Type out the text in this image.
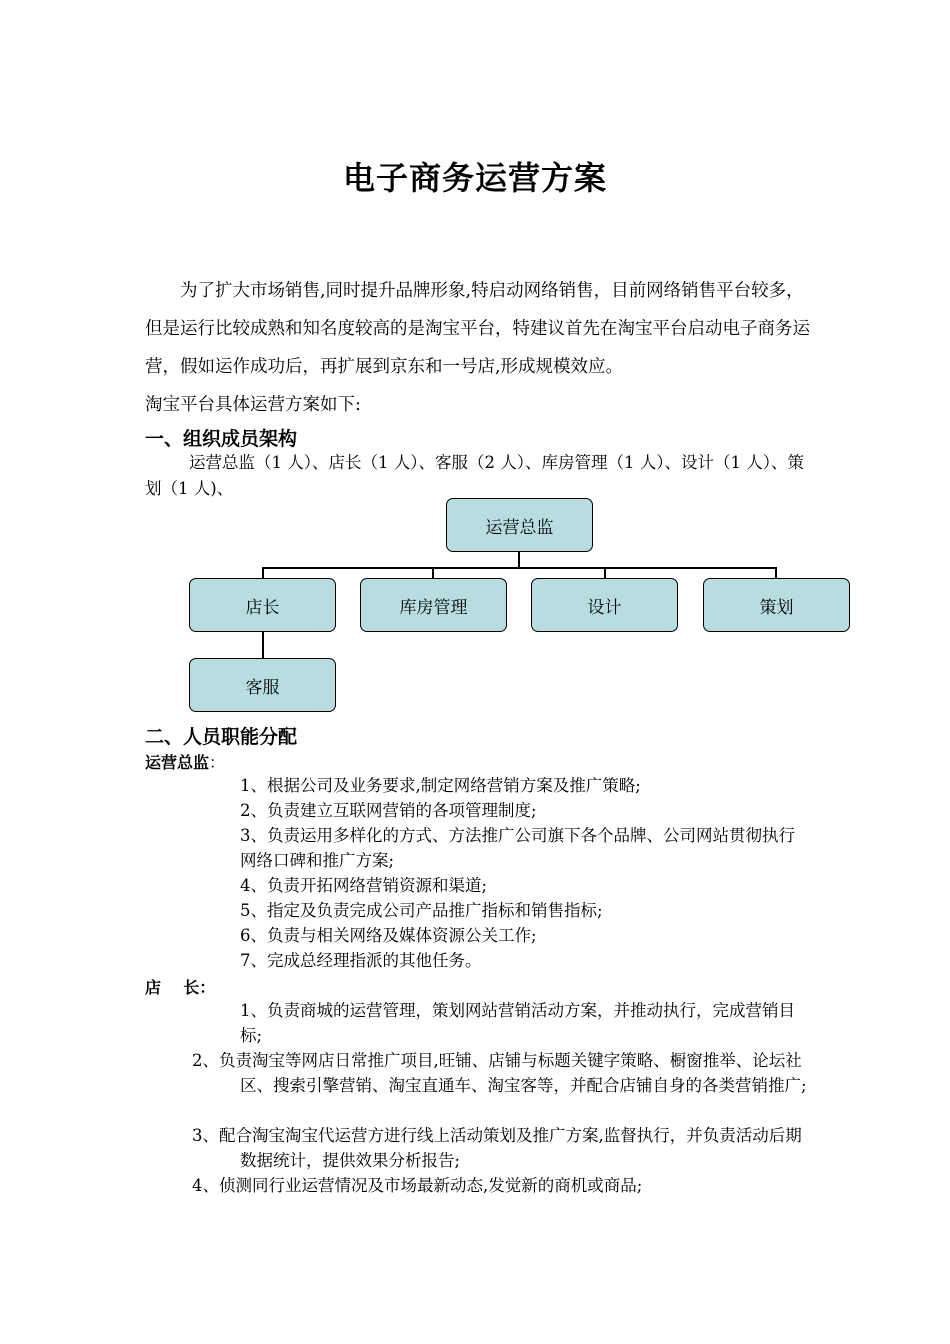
电子商务运营方案

为了扩大市场销售,同时提升品牌形象,特启动网络销售，目前网络销售平台较多，但是运行比较成熟和知名度较高的是淘宝平台，特建议首先在淘宝平台启动电子商务运营，假如运作成功后，再扩展到京东和一号店,形成规模效应。

淘宝平台具体运营方案如下:

一、组织成员架构
运营总监（1 人）、店长（1 人）、客服（2 人）、库房管理（1 人）、设计（1 人）、策划（1 人)、
运营总监
店长	库房管理	设计	策划
客服
二、人员职能分配
运营总监：
1、根据公司及业务要求,制定网络营销方案及推广策略;
2、负责建立互联网营销的各项管理制度;
3、负责运用多样化的方式、方法推广公司旗下各个品牌、公司网站贯彻执行网络口碑和推广方案;
4、负责开拓网络营销资源和渠道;
5、指定及负责完成公司产品推广指标和销售指标;
6、负责与相关网络及媒体资源公关工作;
7、完成总经理指派的其他任务。
店    长：
1、负责商城的运营管理，策划网站营销活动方案，并推动执行，完成营销目标;
2、负责淘宝等网店日常推广项目,旺铺、店铺与标题关键字策略、橱窗推举、论坛社区、搜索引擎营销、淘宝直通车、淘宝客等，并配合店铺自身的各类营销推广;
3、配合淘宝淘宝代运营方进行线上活动策划及推广方案,监督执行，并负责活动后期数据统计，提供效果分析报告;
4、侦测同行业运营情况及市场最新动态,发觉新的商机或商品;
